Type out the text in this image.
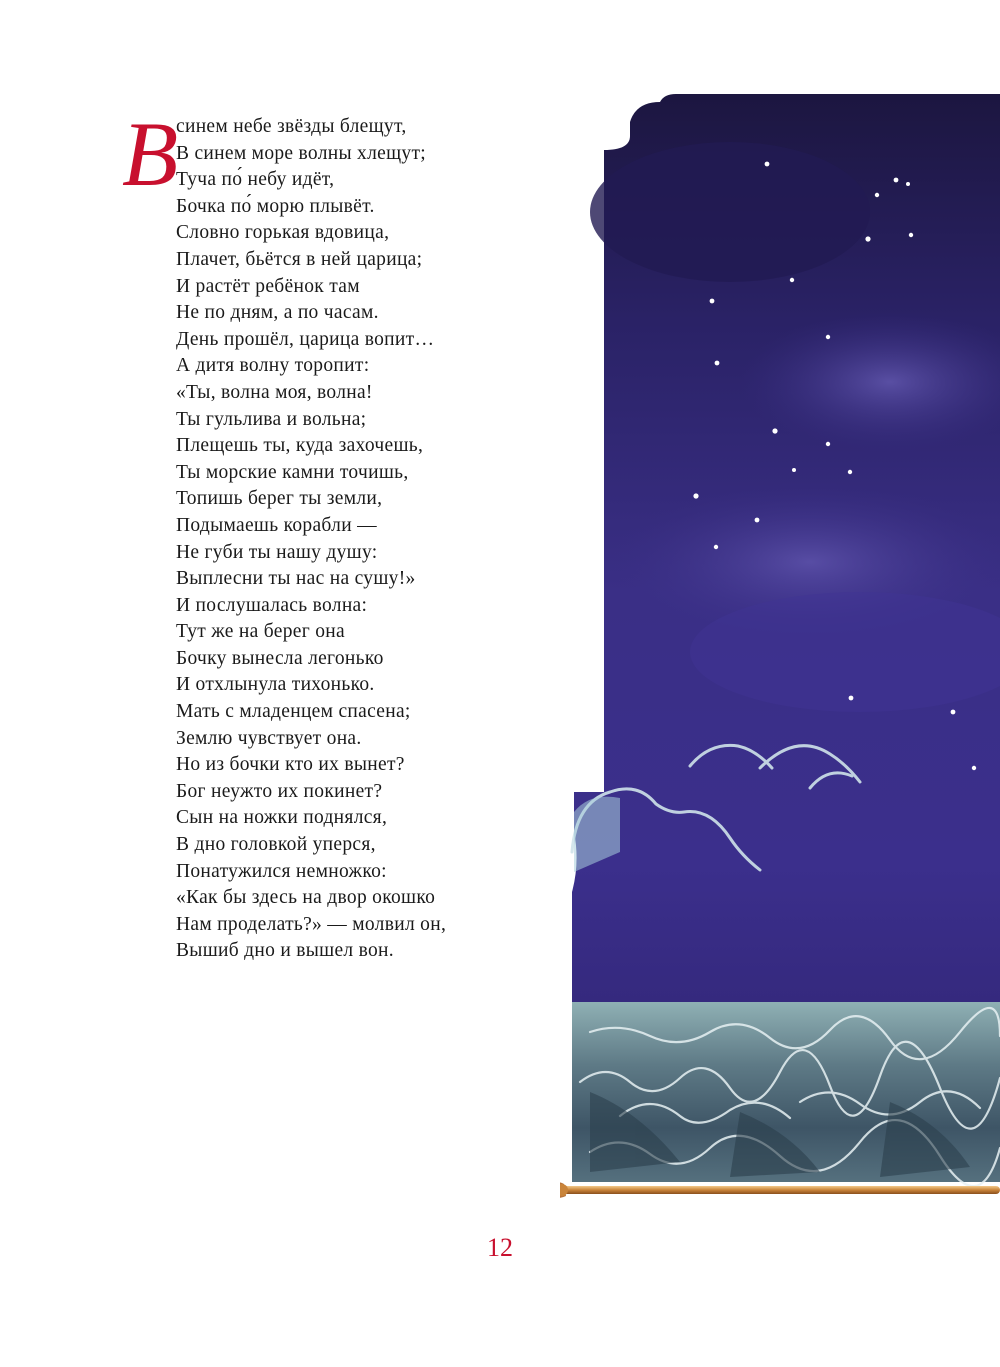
В
синем небе звёзды блещут,
В синем море волны хлещут;
Туча по́ небу идёт,
Бочка по́ морю плывёт.
Словно горькая вдовица,
Плачет, бьётся в ней царица;
И растёт ребёнок там
Не по дням, а по часам.
День прошёл, царица вопит…
А дитя волну торопит:
«Ты, волна моя, волна!
Ты гульлива и вольна;
Плещешь ты, куда захочешь,
Ты морские камни точишь,
Топишь берег ты земли,
Подымаешь корабли —
Не губи ты нашу душу:
Выплесни ты нас на сушу!»
И послушалась волна:
Тут же на берег она
Бочку вынесла легонько
И отхлынула тихонько.
Мать с младенцем спасена;
Землю чувствует она.
Но из бочки кто их вынет?
Бог неужто их покинет?
Сын на ножки поднялся,
В дно головкой уперся,
Понатужился немножко:
«Как бы здесь на двор окошко
Нам проделать?» — молвил он,
Вышиб дно и вышел вон.
12
